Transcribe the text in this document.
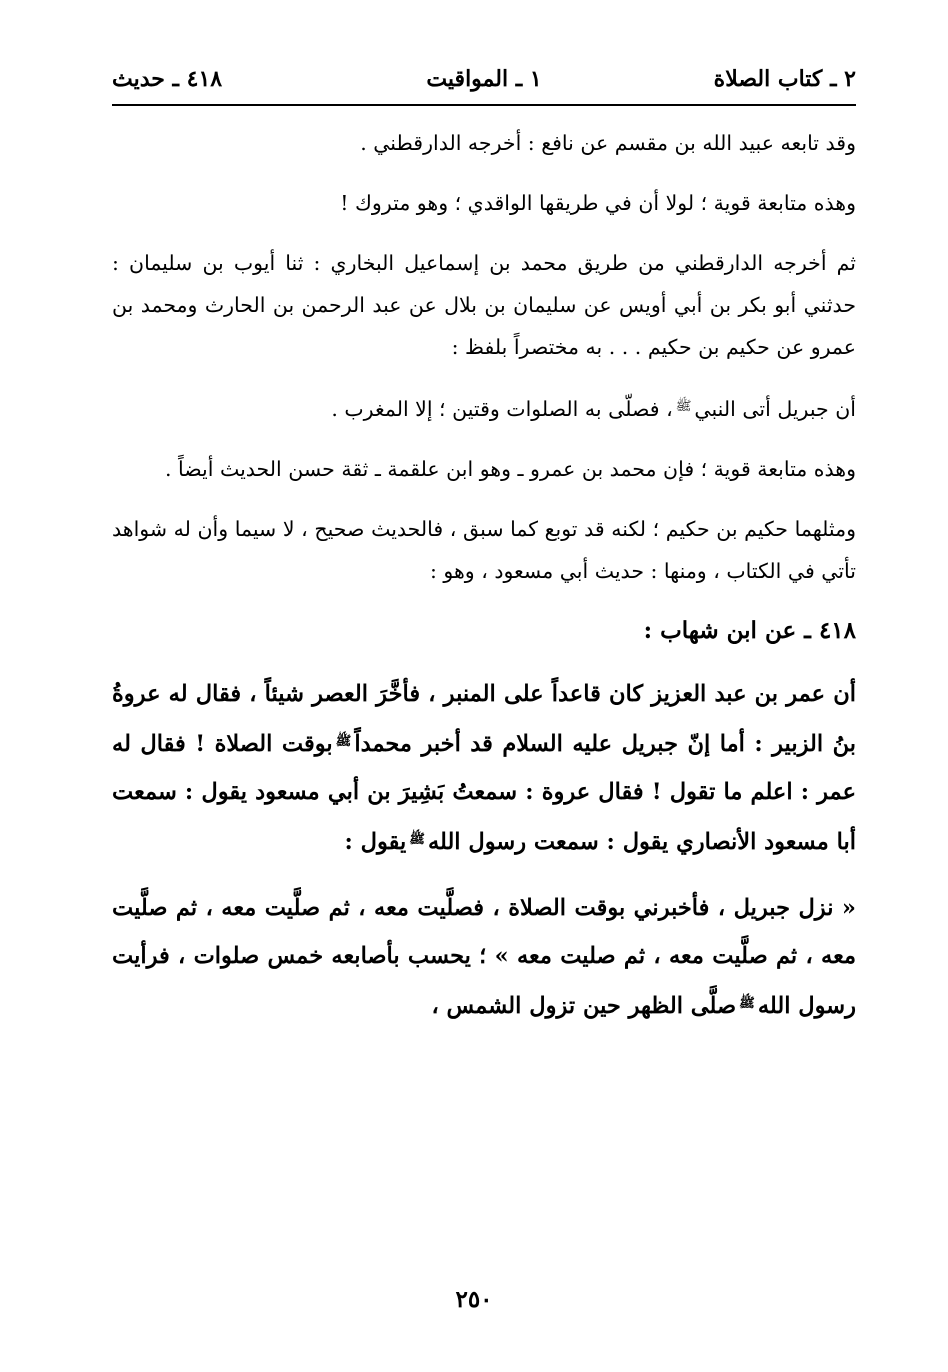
٢ ـ كتاب الصلاة
١ ـ المواقيت
٤١٨ ـ حديث

وقد تابعه عبيد الله بن مقسم عن نافع : أخرجه الدارقطني .

وهذه متابعة قوية ؛ لولا أن في طريقها الواقدي ؛ وهو متروك !

ثم أخرجه الدارقطني من طريق محمد بن إسماعيل البخاري : ثنا أيوب بن سليمان : حدثني أبو بكر بن أبي أويس عن سليمان بن بلال عن عبد الرحمن بن الحارث ومحمد بن عمرو عن حكيم بن حكيم . . . به مختصراً بلفظ :

أن جبريل أتى النبي$^ﷺ$، فصلّى به الصلوات وقتين ؛ إلا المغرب .

وهذه متابعة قوية ؛ فإن محمد بن عمرو ـ وهو ابن علقمة ـ ثقة حسن الحديث أيضاً .

ومثلهما حكيم بن حكيم ؛ لكنه قد توبع كما سبق ، فالحديث صحيح ، لا سيما وأن له شواهد تأتي في الكتاب ، ومنها : حديث أبي مسعود ، وهو :

٤١٨ ـ عن ابن شهاب :

أن عمر بن عبد العزيز كان قاعداً على المنبر ، فأخَّرَ العصر شيئاً ، فقال له عروةُ بنُ الزبير : أما إنّ جبريل عليه السلام قد أخبر محمداً$^ﷺ$بوقت الصلاة ! فقال له عمر : اعلم ما تقول ! فقال عروة : سمعتُ بَشِيرَ بن أبي مسعود يقول : سمعت أبا مسعود الأنصاري يقول : سمعت رسول الله$^ﷺ$يقول :

« نزل جبريل ، فأخبرني بوقت الصلاة ، فصلَّيت معه ، ثم صلَّيت معه ، ثم صلَّيت معه ، ثم صلَّيت معه ، ثم صليت معه » ؛ يحسب بأصابعه خمس صلوات ، فرأيت رسول الله$^ﷺ$صلَّى الظهر حين تزول الشمس ،

٢٥٠
